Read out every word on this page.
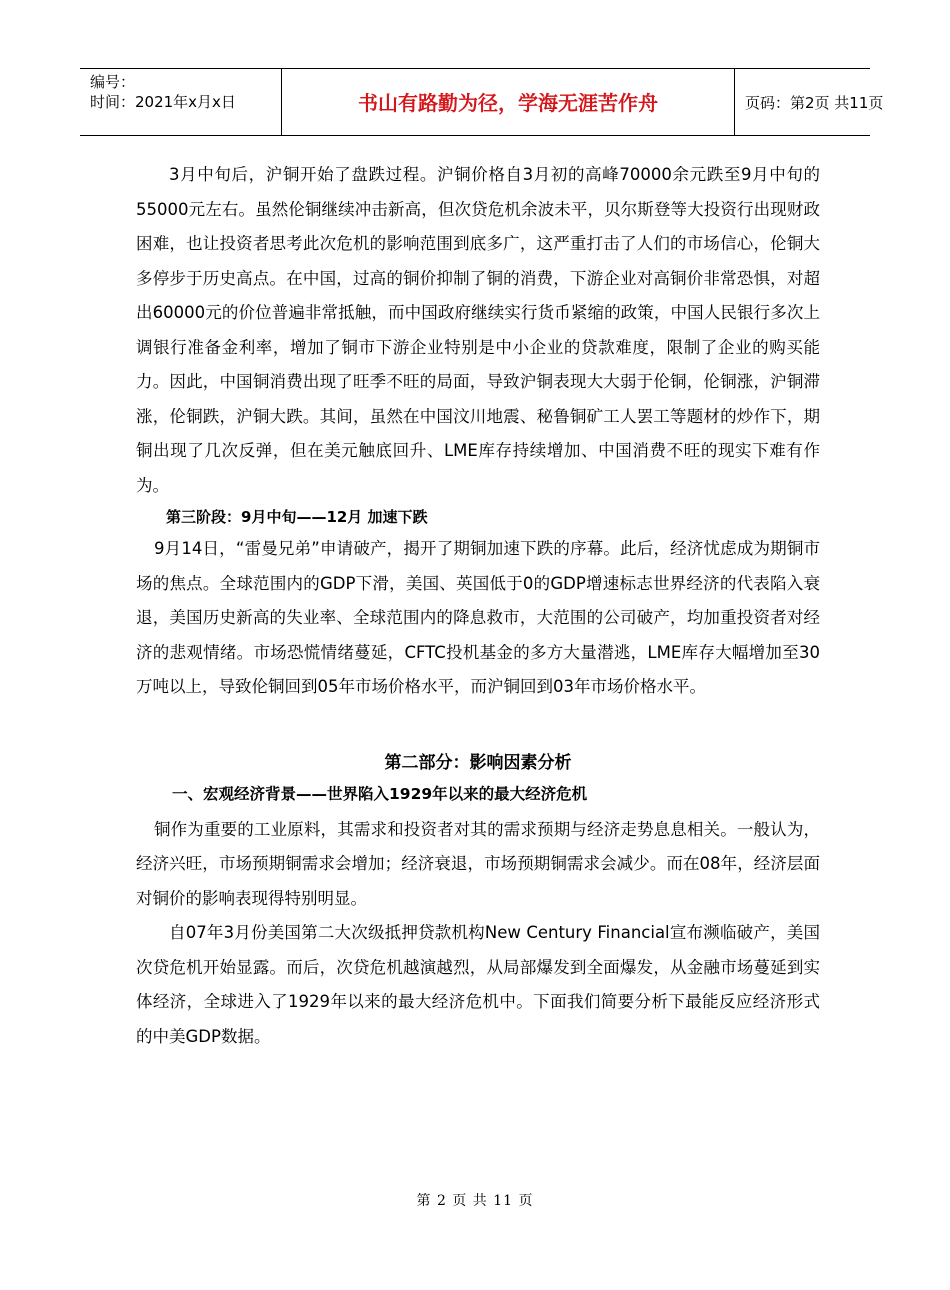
编号：
时间：2021年x月x日	书山有路勤为径，学海无涯苦作舟	页码：第2页 共11页

3月中旬后，沪铜开始了盘跌过程。沪铜价格自3月初的高峰70000余元跌至9月中旬的55000元左右。虽然伦铜继续冲击新高，但次贷危机余波未平，贝尔斯登等大投资行出现财政困难，也让投资者思考此次危机的影响范围到底多广，这严重打击了人们的市场信心，伦铜大多停步于历史高点。在中国，过高的铜价抑制了铜的消费，下游企业对高铜价非常恐惧，对超出60000元的价位普遍非常抵触，而中国政府继续实行货币紧缩的政策，中国人民银行多次上调银行准备金利率，增加了铜市下游企业特别是中小企业的贷款难度，限制了企业的购买能力。因此，中国铜消费出现了旺季不旺的局面，导致沪铜表现大大弱于伦铜，伦铜涨，沪铜滞涨，伦铜跌，沪铜大跌。其间，虽然在中国汶川地震、秘鲁铜矿工人罢工等题材的炒作下，期铜出现了几次反弹，但在美元触底回升、LME库存持续增加、中国消费不旺的现实下难有作为。

第三阶段：9月中旬——12月 加速下跌

9月14日，“雷曼兄弟”申请破产，揭开了期铜加速下跌的序幕。此后，经济忧虑成为期铜市场的焦点。全球范围内的GDP下滑，美国、英国低于0的GDP增速标志世界经济的代表陷入衰退，美国历史新高的失业率、全球范围内的降息救市，大范围的公司破产，均加重投资者对经济的悲观情绪。市场恐慌情绪蔓延，CFTC投机基金的多方大量潜逃，LME库存大幅增加至30万吨以上，导致伦铜回到05年市场价格水平，而沪铜回到03年市场价格水平。

第二部分：影响因素分析

一、宏观经济背景——世界陷入1929年以来的最大经济危机

铜作为重要的工业原料，其需求和投资者对其的需求预期与经济走势息息相关。一般认为，经济兴旺，市场预期铜需求会增加；经济衰退，市场预期铜需求会减少。而在08年，经济层面对铜价的影响表现得特别明显。

自07年3月份美国第二大次级抵押贷款机构New Century Financial宣布濒临破产，美国次贷危机开始显露。而后，次贷危机越演越烈，从局部爆发到全面爆发，从金融市场蔓延到实体经济，全球进入了1929年以来的最大经济危机中。下面我们简要分析下最能反应经济形式的中美GDP数据。

第 2 页 共 11 页
